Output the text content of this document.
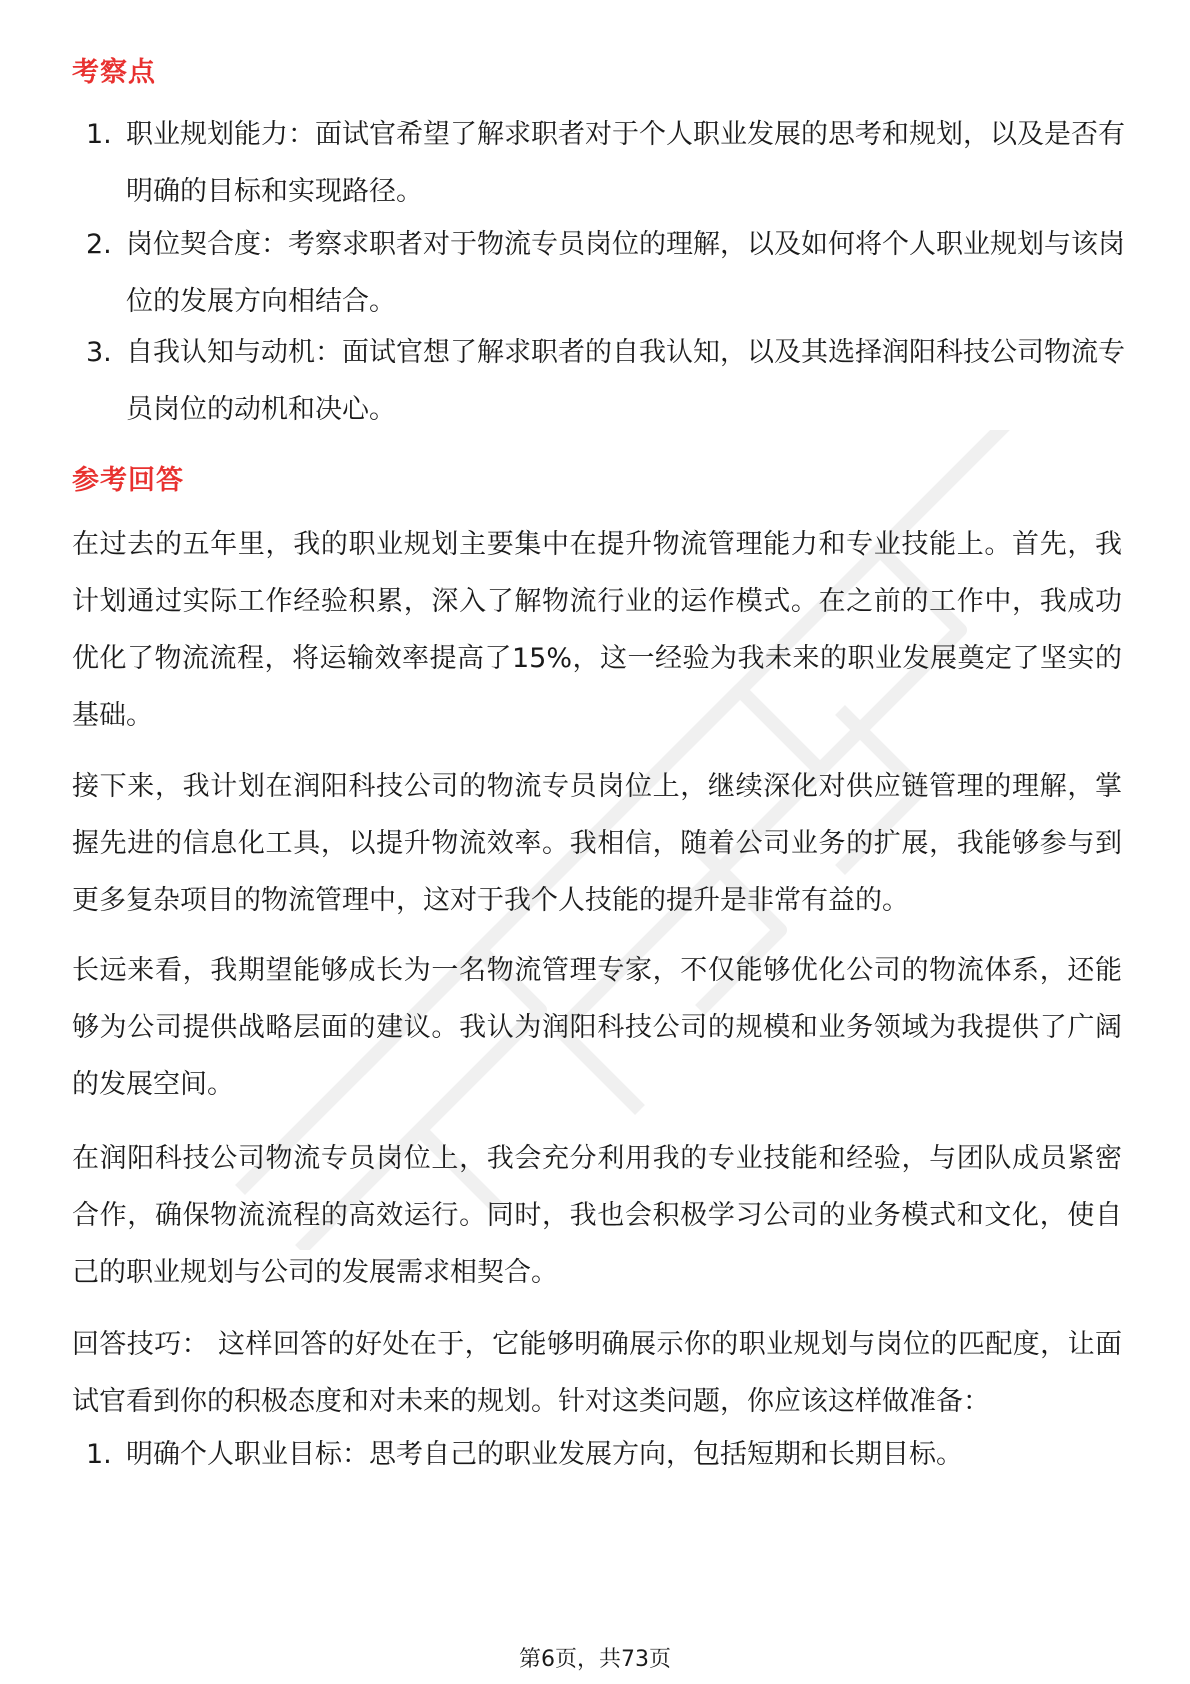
考察点
1. 职业规划能力：面试官希望了解求职者对于个人职业发展的思考和规划，以及是否有明确的目标和实现路径。
2. 岗位契合度：考察求职者对于物流专员岗位的理解，以及如何将个人职业规划与该岗位的发展方向相结合。
3. 自我认知与动机：面试官想了解求职者的自我认知，以及其选择润阳科技公司物流专员岗位的动机和决心。
参考回答
在过去的五年里，我的职业规划主要集中在提升物流管理能力和专业技能上。首先，我计划通过实际工作经验积累，深入了解物流行业的运作模式。在之前的工作中，我成功优化了物流流程，将运输效率提高了15%，这一经验为我未来的职业发展奠定了坚实的基础。
接下来，我计划在润阳科技公司的物流专员岗位上，继续深化对供应链管理的理解，掌握先进的信息化工具，以提升物流效率。我相信，随着公司业务的扩展，我能够参与到更多复杂项目的物流管理中，这对于我个人技能的提升是非常有益的。
长远来看，我期望能够成长为一名物流管理专家，不仅能够优化公司的物流体系，还能够为公司提供战略层面的建议。我认为润阳科技公司的规模和业务领域为我提供了广阔的发展空间。
在润阳科技公司物流专员岗位上，我会充分利用我的专业技能和经验，与团队成员紧密合作，确保物流流程的高效运行。同时，我也会积极学习公司的业务模式和文化，使自己的职业规划与公司的发展需求相契合。
回答技巧： 这样回答的好处在于，它能够明确展示你的职业规划与岗位的匹配度，让面试官看到你的积极态度和对未来的规划。针对这类问题，你应该这样做准备：
1. 明确个人职业目标：思考自己的职业发展方向，包括短期和长期目标。
第6页，共73页
